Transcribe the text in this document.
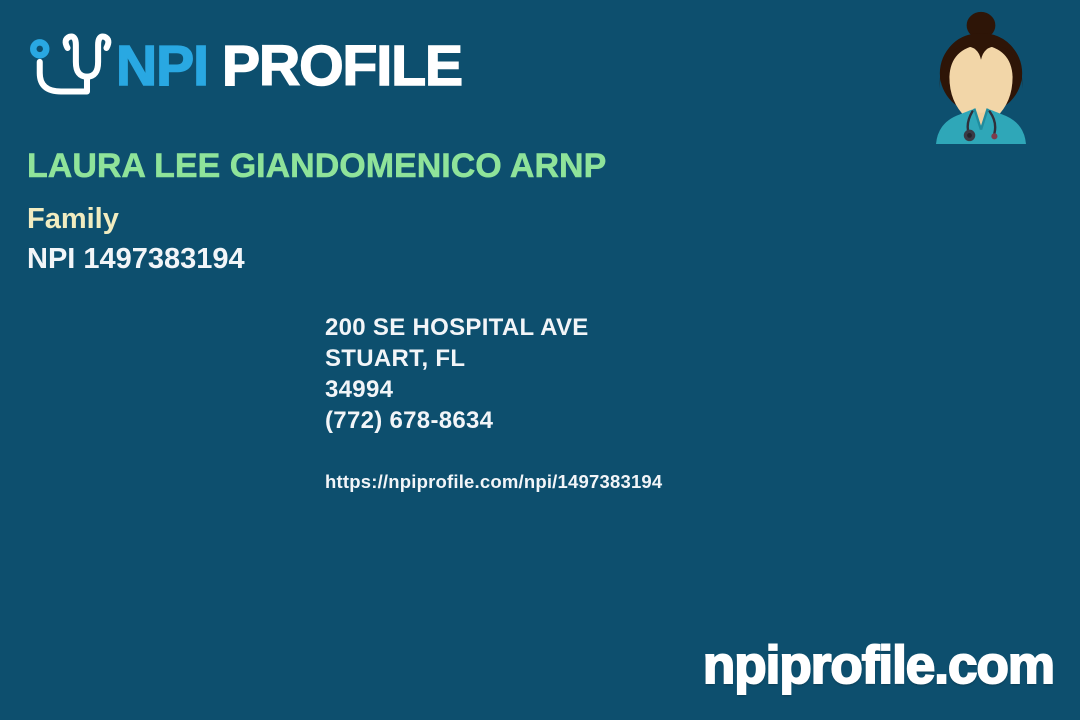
NPI PROFILE
LAURA LEE GIANDOMENICO ARNP
Family
NPI 1497383194
200 SE HOSPITAL AVE
STUART, FL
34994
(772) 678-8634
https://npiprofile.com/npi/1497383194
npiprofile.com
